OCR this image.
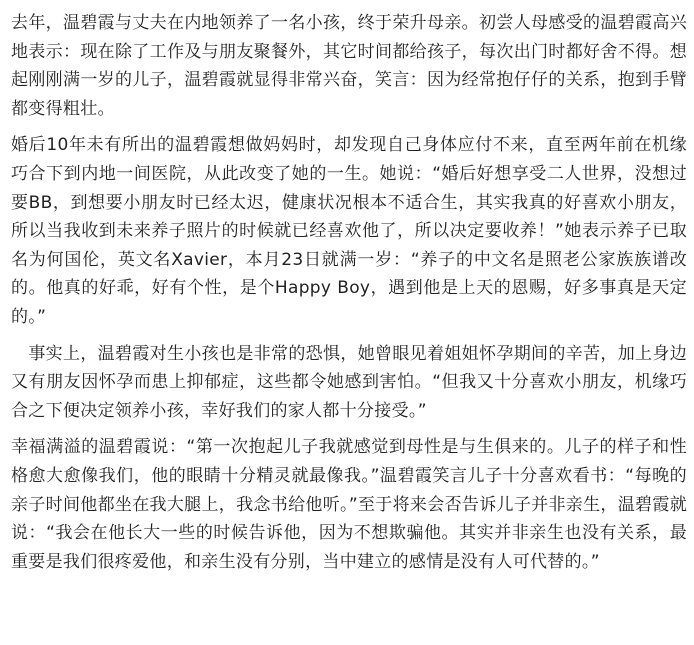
去年，温碧霞与丈夫在内地领养了一名小孩，终于荣升母亲。初尝人母感受的温碧霞高兴地表示：现在除了工作及与朋友聚餐外，其它时间都给孩子，每次出门时都好舍不得。想起刚刚满一岁的儿子，温碧霞就显得非常兴奋，笑言：因为经常抱仔仔的关系，抱到手臂都变得粗壮。

婚后10年未有所出的温碧霞想做妈妈时，却发现自己身体应付不来，直至两年前在机缘巧合下到内地一间医院，从此改变了她的一生。她说：“婚后好想享受二人世界，没想过要BB，到想要小朋友时已经太迟，健康状况根本不适合生，其实我真的好喜欢小朋友，所以当我收到未来养子照片的时候就已经喜欢他了，所以决定要收养！”她表示养子已取名为何国伦，英文名Xavier，本月23日就满一岁：“养子的中文名是照老公家族族谱改的。他真的好乖，好有个性，是个Happy Boy，遇到他是上天的恩赐，好多事真是天定的。”

　事实上，温碧霞对生小孩也是非常的恐惧，她曾眼见着姐姐怀孕期间的辛苦，加上身边又有朋友因怀孕而患上抑郁症，这些都令她感到害怕。“但我又十分喜欢小朋友，机缘巧合之下便决定领养小孩，幸好我们的家人都十分接受。”

幸福满溢的温碧霞说：“第一次抱起儿子我就感觉到母性是与生俱来的。儿子的样子和性格愈大愈像我们，他的眼睛十分精灵就最像我。”温碧霞笑言儿子十分喜欢看书：“每晚的亲子时间他都坐在我大腿上，我念书给他听。”至于将来会否告诉儿子并非亲生，温碧霞就说：“我会在他长大一些的时候告诉他，因为不想欺骗他。其实并非亲生也没有关系，最重要是我们很疼爱他，和亲生没有分别，当中建立的感情是没有人可代替的。”
